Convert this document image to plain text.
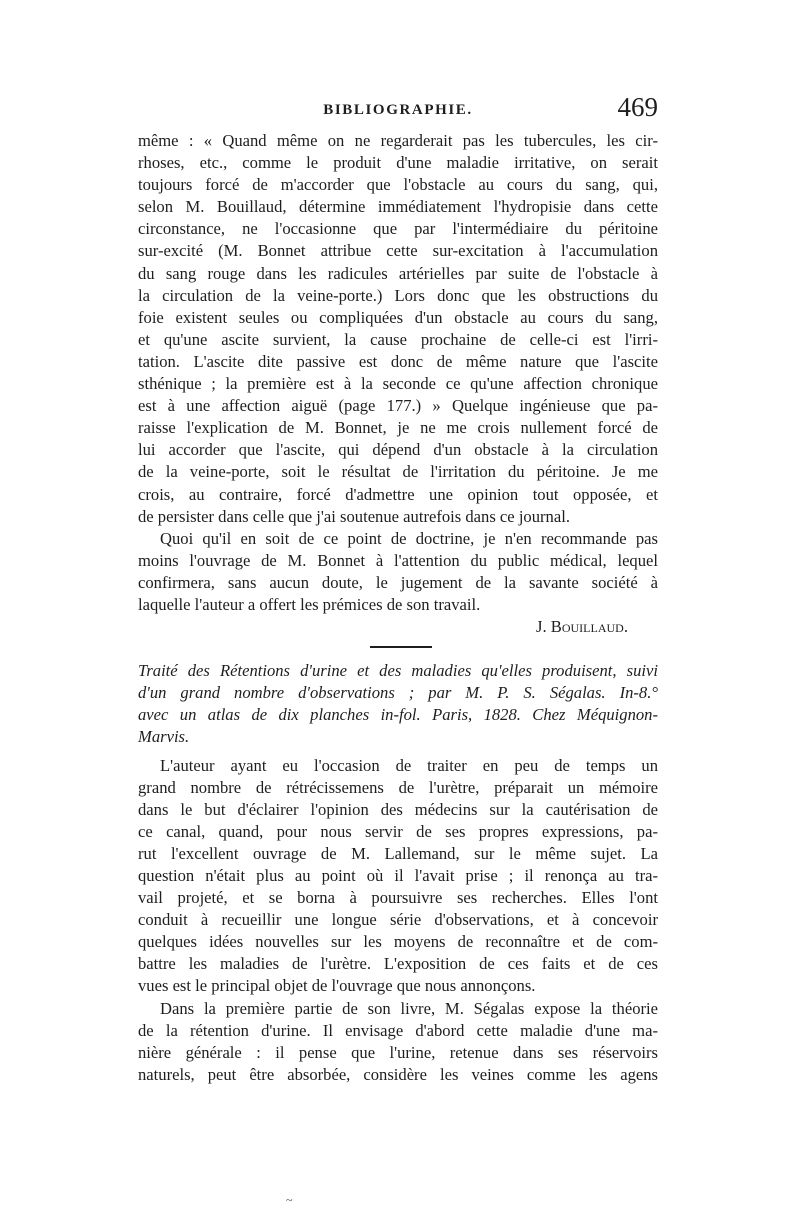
BIBLIOGRAPHIE.	469
même : « Quand même on ne regarderait pas les tubercules, les cir-
rhoses, etc., comme le produit d'une maladie irritative, on serait
toujours forcé de m'accorder que l'obstacle au cours du sang, qui,
selon M. Bouillaud, détermine immédiatement l'hydropisie dans cette
circonstance, ne l'occasionne que par l'intermédiaire du péritoine
sur-excité (M. Bonnet attribue cette sur-excitation à l'accumulation
du sang rouge dans les radicules artérielles par suite de l'obstacle à
la circulation de la veine-porte.) Lors donc que les obstructions du
foie existent seules ou compliquées d'un obstacle au cours du sang,
et qu'une ascite survient, la cause prochaine de celle-ci est l'irri-
tation. L'ascite dite passive est donc de même nature que l'ascite
sthénique ; la première est à la seconde ce qu'une affection chronique
est à une affection aiguë (page 177.) » Quelque ingénieuse que pa-
raisse l'explication de M. Bonnet, je ne me crois nullement forcé de
lui accorder que l'ascite, qui dépend d'un obstacle à la circulation
de la veine-porte, soit le résultat de l'irritation du péritoine. Je me
crois, au contraire, forcé d'admettre une opinion tout opposée, et
de persister dans celle que j'ai soutenue autrefois dans ce journal.
Quoi qu'il en soit de ce point de doctrine, je n'en recommande pas
moins l'ouvrage de M. Bonnet à l'attention du public médical, lequel
confirmera, sans aucun doute, le jugement de la savante société à
laquelle l'auteur a offert les prémices de son travail.
J. Bouillaud.
Traité des Rétentions d'urine et des maladies qu'elles produisent, suivi
d'un grand nombre d'observations ; par M. P. S. Ségalas. In-8.°
avec un atlas de dix planches in-fol. Paris, 1828. Chez Méquignon-
Marvis.
L'auteur ayant eu l'occasion de traiter en peu de temps un
grand nombre de rétrécissemens de l'urètre, préparait un mémoire
dans le but d'éclairer l'opinion des médecins sur la cautérisation de
ce canal, quand, pour nous servir de ses propres expressions, pa-
rut l'excellent ouvrage de M. Lallemand, sur le même sujet. La
question n'était plus au point où il l'avait prise ; il renonça au tra-
vail projeté, et se borna à poursuivre ses recherches. Elles l'ont
conduit à recueillir une longue série d'observations, et à concevoir
quelques idées nouvelles sur les moyens de reconnaître et de com-
battre les maladies de l'urètre. L'exposition de ces faits et de ces
vues est le principal objet de l'ouvrage que nous annonçons.
Dans la première partie de son livre, M. Ségalas expose la théorie
de la rétention d'urine. Il envisage d'abord cette maladie d'une ma-
nière générale : il pense que l'urine, retenue dans ses réservoirs
naturels, peut être absorbée, considère les veines comme les agens
~
